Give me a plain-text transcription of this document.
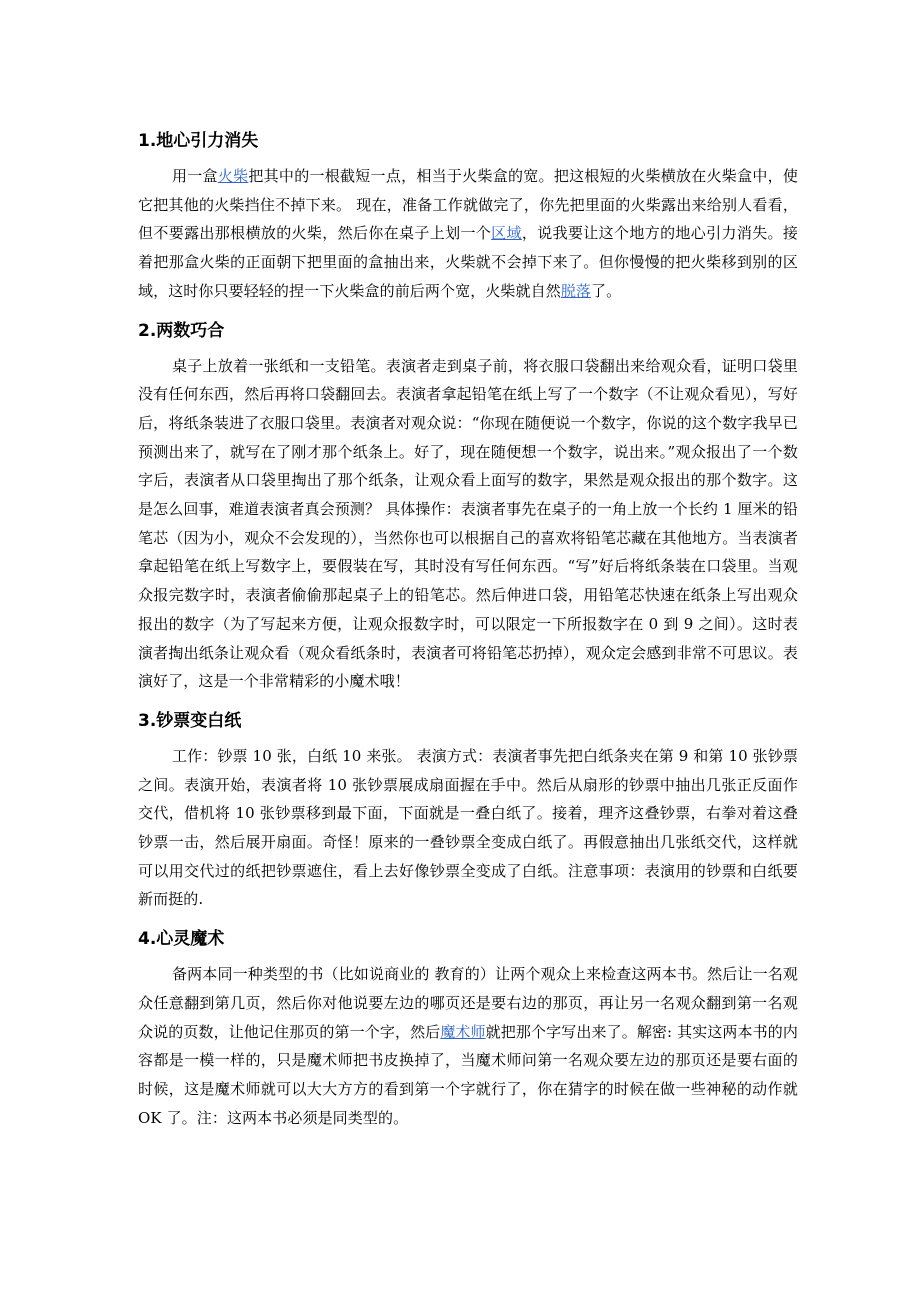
1.地心引力消失

用一盒火柴把其中的一根截短一点，相当于火柴盒的宽。把这根短的火柴横放在火柴盒中，使它把其他的火柴挡住不掉下来。 现在，准备工作就做完了，你先把里面的火柴露出来给别人看看，但不要露出那根横放的火柴，然后你在桌子上划一个区域，说我要让这个地方的地心引力消失。接着把那盒火柴的正面朝下把里面的盒抽出来，火柴就不会掉下来了。但你慢慢的把火柴移到别的区域，这时你只要轻轻的捏一下火柴盒的前后两个宽，火柴就自然脱落了。

2.两数巧合

桌子上放着一张纸和一支铅笔。表演者走到桌子前，将衣服口袋翻出来给观众看，证明口袋里没有任何东西，然后再将口袋翻回去。表演者拿起铅笔在纸上写了一个数字（不让观众看见），写好后，将纸条装进了衣服口袋里。表演者对观众说：“你现在随便说一个数字，你说的这个数字我早已预测出来了，就写在了刚才那个纸条上。好了，现在随便想一个数字，说出来。”观众报出了一个数字后，表演者从口袋里掏出了那个纸条，让观众看上面写的数字，果然是观众报出的那个数字。这是怎么回事，难道表演者真会预测？ 具体操作：表演者事先在桌子的一角上放一个长约 1 厘米的铅笔芯（因为小，观众不会发现的），当然你也可以根据自己的喜欢将铅笔芯藏在其他地方。当表演者拿起铅笔在纸上写数字上，要假装在写，其时没有写任何东西。“写”好后将纸条装在口袋里。当观众报完数字时，表演者偷偷那起桌子上的铅笔芯。然后伸进口袋，用铅笔芯快速在纸条上写出观众报出的数字（为了写起来方便，让观众报数字时，可以限定一下所报数字在 0 到 9 之间）。这时表演者掏出纸条让观众看（观众看纸条时，表演者可将铅笔芯扔掉），观众定会感到非常不可思议。表演好了，这是一个非常精彩的小魔术哦！

3.钞票变白纸

工作：钞票 10 张，白纸 10 来张。 表演方式：表演者事先把白纸条夹在第 9 和第 10 张钞票之间。表演开始，表演者将 10 张钞票展成扇面握在手中。然后从扇形的钞票中抽出几张正反面作交代，借机将 10 张钞票移到最下面，下面就是一叠白纸了。接着，理齐这叠钞票，右拳对着这叠钞票一击，然后展开扇面。奇怪！原来的一叠钞票全变成白纸了。再假意抽出几张纸交代，这样就可以用交代过的纸把钞票遮住，看上去好像钞票全变成了白纸。注意事项：表演用的钞票和白纸要新而挺的.

4.心灵魔术

备两本同一种类型的书（比如说商业的 教育的）让两个观众上来检查这两本书。然后让一名观众任意翻到第几页，然后你对他说要左边的哪页还是要右边的那页，再让另一名观众翻到第一名观众说的页数，让他记住那页的第一个字，然后魔术师就把那个字写出来了。解密: 其实这两本书的内容都是一模一样的，只是魔术师把书皮换掉了，当魔术师问第一名观众要左边的那页还是要右面的时候，这是魔术师就可以大大方方的看到第一个字就行了，你在猜字的时候在做一些神秘的动作就 OK 了。注：这两本书必须是同类型的。
